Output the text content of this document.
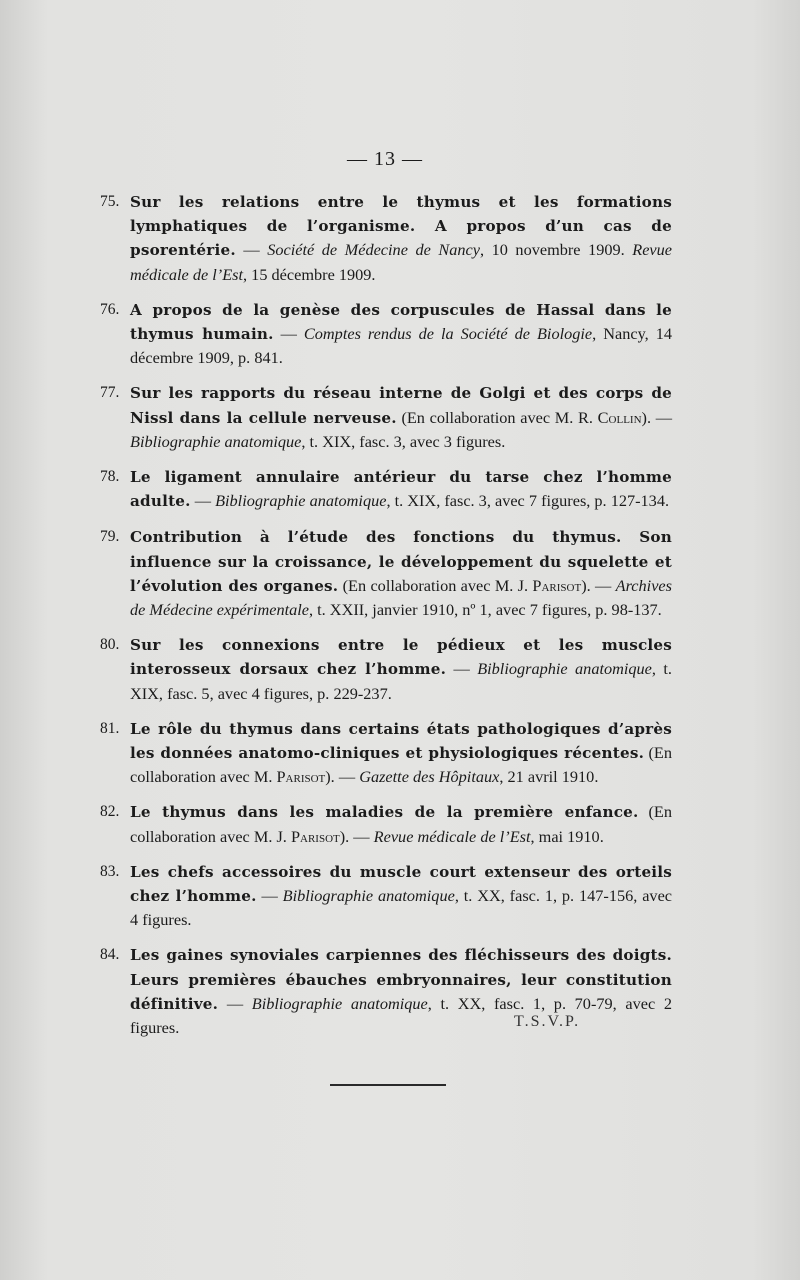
— 13 —
75. Sur les relations entre le thymus et les formations lymphatiques de l’organisme. A propos d’un cas de psorentérie. — Société de Médecine de Nancy, 10 novembre 1909. Revue médicale de l’Est, 15 décembre 1909.
76. A propos de la genèse des corpuscules de Hassal dans le thymus humain. — Comptes rendus de la Société de Biologie, Nancy, 14 décembre 1909, p. 841.
77. Sur les rapports du réseau interne de Golgi et des corps de Nissl dans la cellule nerveuse. (En collaboration avec M. R. Collin). — Bibliographie anatomique, t. XIX, fasc. 3, avec 3 figures.
78. Le ligament annulaire antérieur du tarse chez l’homme adulte. — Bibliographie anatomique, t. XIX, fasc. 3, avec 7 figures, p. 127-134.
79. Contribution à l’étude des fonctions du thymus. Son influence sur la croissance, le développement du squelette et l’évolution des organes. (En collaboration avec M. J. Parisot). — Archives de Médecine expérimentale, t. XXII, janvier 1910, nº 1, avec 7 figures, p. 98-137.
80. Sur les connexions entre le pédieux et les muscles interosseux dorsaux chez l’homme. — Bibliographie anatomique, t. XIX, fasc. 5, avec 4 figures, p. 229-237.
81. Le rôle du thymus dans certains états pathologiques d’après les données anatomo-cliniques et physiologiques récentes. (En collaboration avec M. Parisot). — Gazette des Hôpitaux, 21 avril 1910.
82. Le thymus dans les maladies de la première enfance. (En collaboration avec M. J. Parisot). — Revue médicale de l’Est, mai 1910.
83. Les chefs accessoires du muscle court extenseur des orteils chez l’homme. — Bibliographie anatomique, t. XX, fasc. 1, p. 147-156, avec 4 figures.
84. Les gaines synoviales carpiennes des fléchisseurs des doigts. Leurs premières ébauches embryonnaires, leur constitution définitive. — Bibliographie anatomique, t. XX, fasc. 1, p. 70-79, avec 2 figures.	T.S.V.P.
